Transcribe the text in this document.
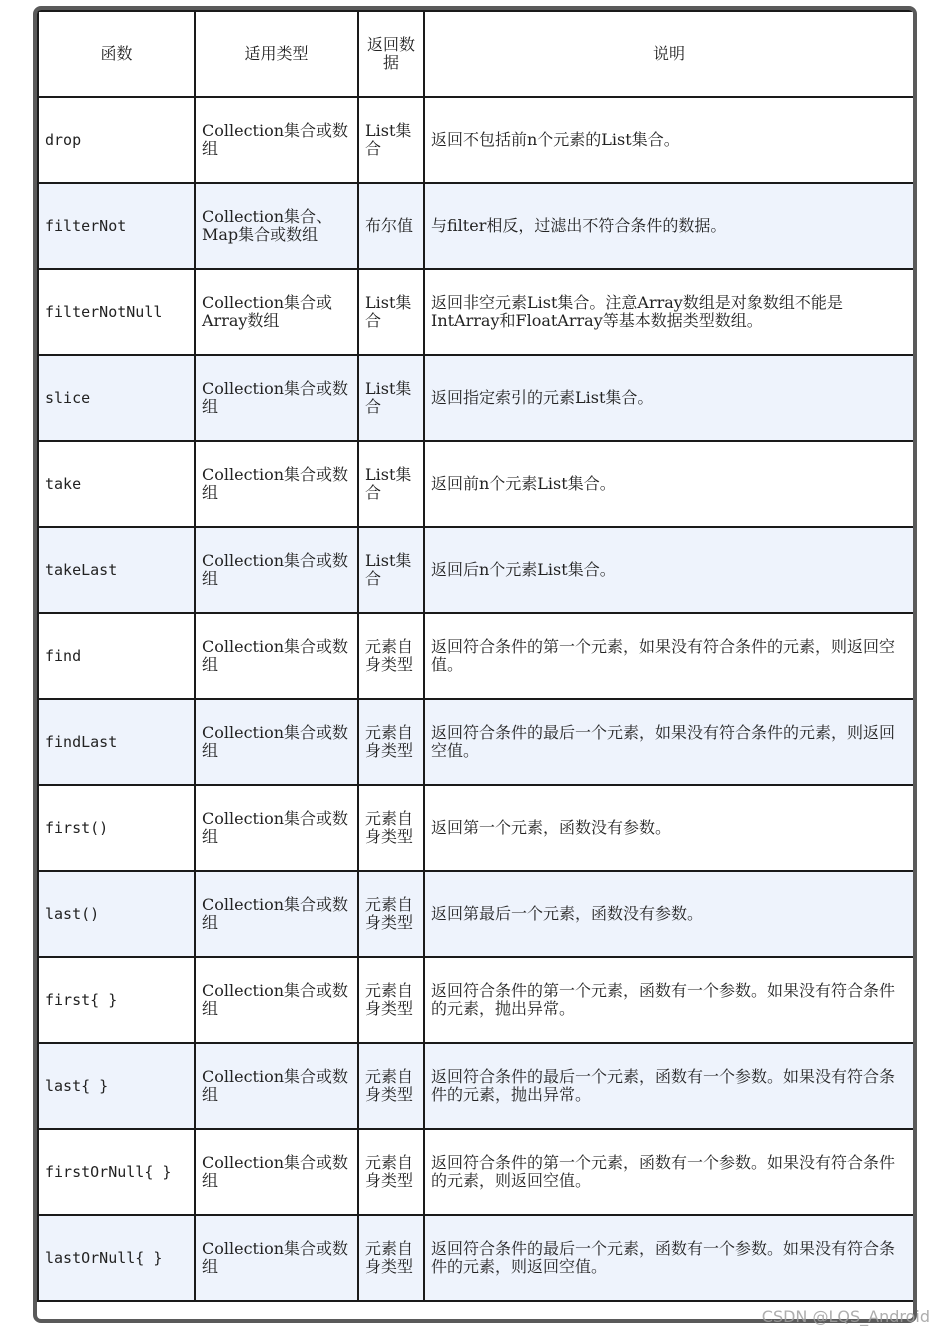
函数	适用类型	返回数据	说明
drop	Collection集合或数组	List集合	返回不包括前n个元素的List集合。
filterNot	Collection集合、Map集合或数组	布尔值	与filter相反，过滤出不符合条件的数据。
filterNotNull	Collection集合或Array数组	List集合	返回非空元素List集合。注意Array数组是对象数组不能是IntArray和FloatArray等基本数据类型数组。
slice	Collection集合或数组	List集合	返回指定索引的元素List集合。
take	Collection集合或数组	List集合	返回前n个元素List集合。
takeLast	Collection集合或数组	List集合	返回后n个元素List集合。
find	Collection集合或数组	元素自身类型	返回符合条件的第一个元素，如果没有符合条件的元素，则返回空值。
findLast	Collection集合或数组	元素自身类型	返回符合条件的最后一个元素，如果没有符合条件的元素，则返回空值。
first()	Collection集合或数组	元素自身类型	返回第一个元素，函数没有参数。
last()	Collection集合或数组	元素自身类型	返回第最后一个元素，函数没有参数。
first{ }	Collection集合或数组	元素自身类型	返回符合条件的第一个元素，函数有一个参数。如果没有符合条件的元素，抛出异常。
last{ }	Collection集合或数组	元素自身类型	返回符合条件的最后一个元素，函数有一个参数。如果没有符合条件的元素，抛出异常。
firstOrNull{ }	Collection集合或数组	元素自身类型	返回符合条件的第一个元素，函数有一个参数。如果没有符合条件的元素，则返回空值。
lastOrNull{ }	Collection集合或数组	元素自身类型	返回符合条件的最后一个元素，函数有一个参数。如果没有符合条件的元素，则返回空值。
CSDN @LQS_Android
